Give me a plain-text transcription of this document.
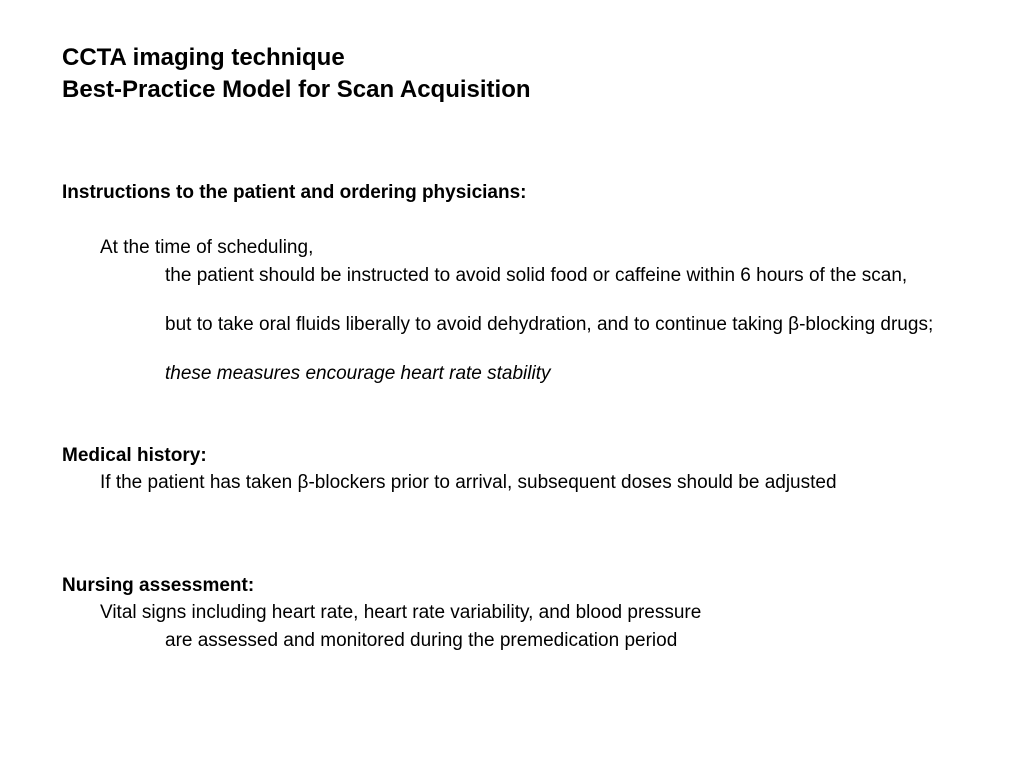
CCTA imaging technique
Best-Practice Model for Scan Acquisition

Instructions to the patient and ordering physicians:

At the time of scheduling,

the patient should be instructed to avoid solid food or caffeine within 6 hours of the scan,

but to take oral fluids liberally to avoid dehydration, and to continue taking β-blocking drugs;

these measures encourage heart rate stability

Medical history:

If the patient has taken β-blockers prior to arrival, subsequent doses should be adjusted

Nursing assessment:

Vital signs including heart rate, heart rate variability, and blood pressure

are assessed and monitored during the premedication period
